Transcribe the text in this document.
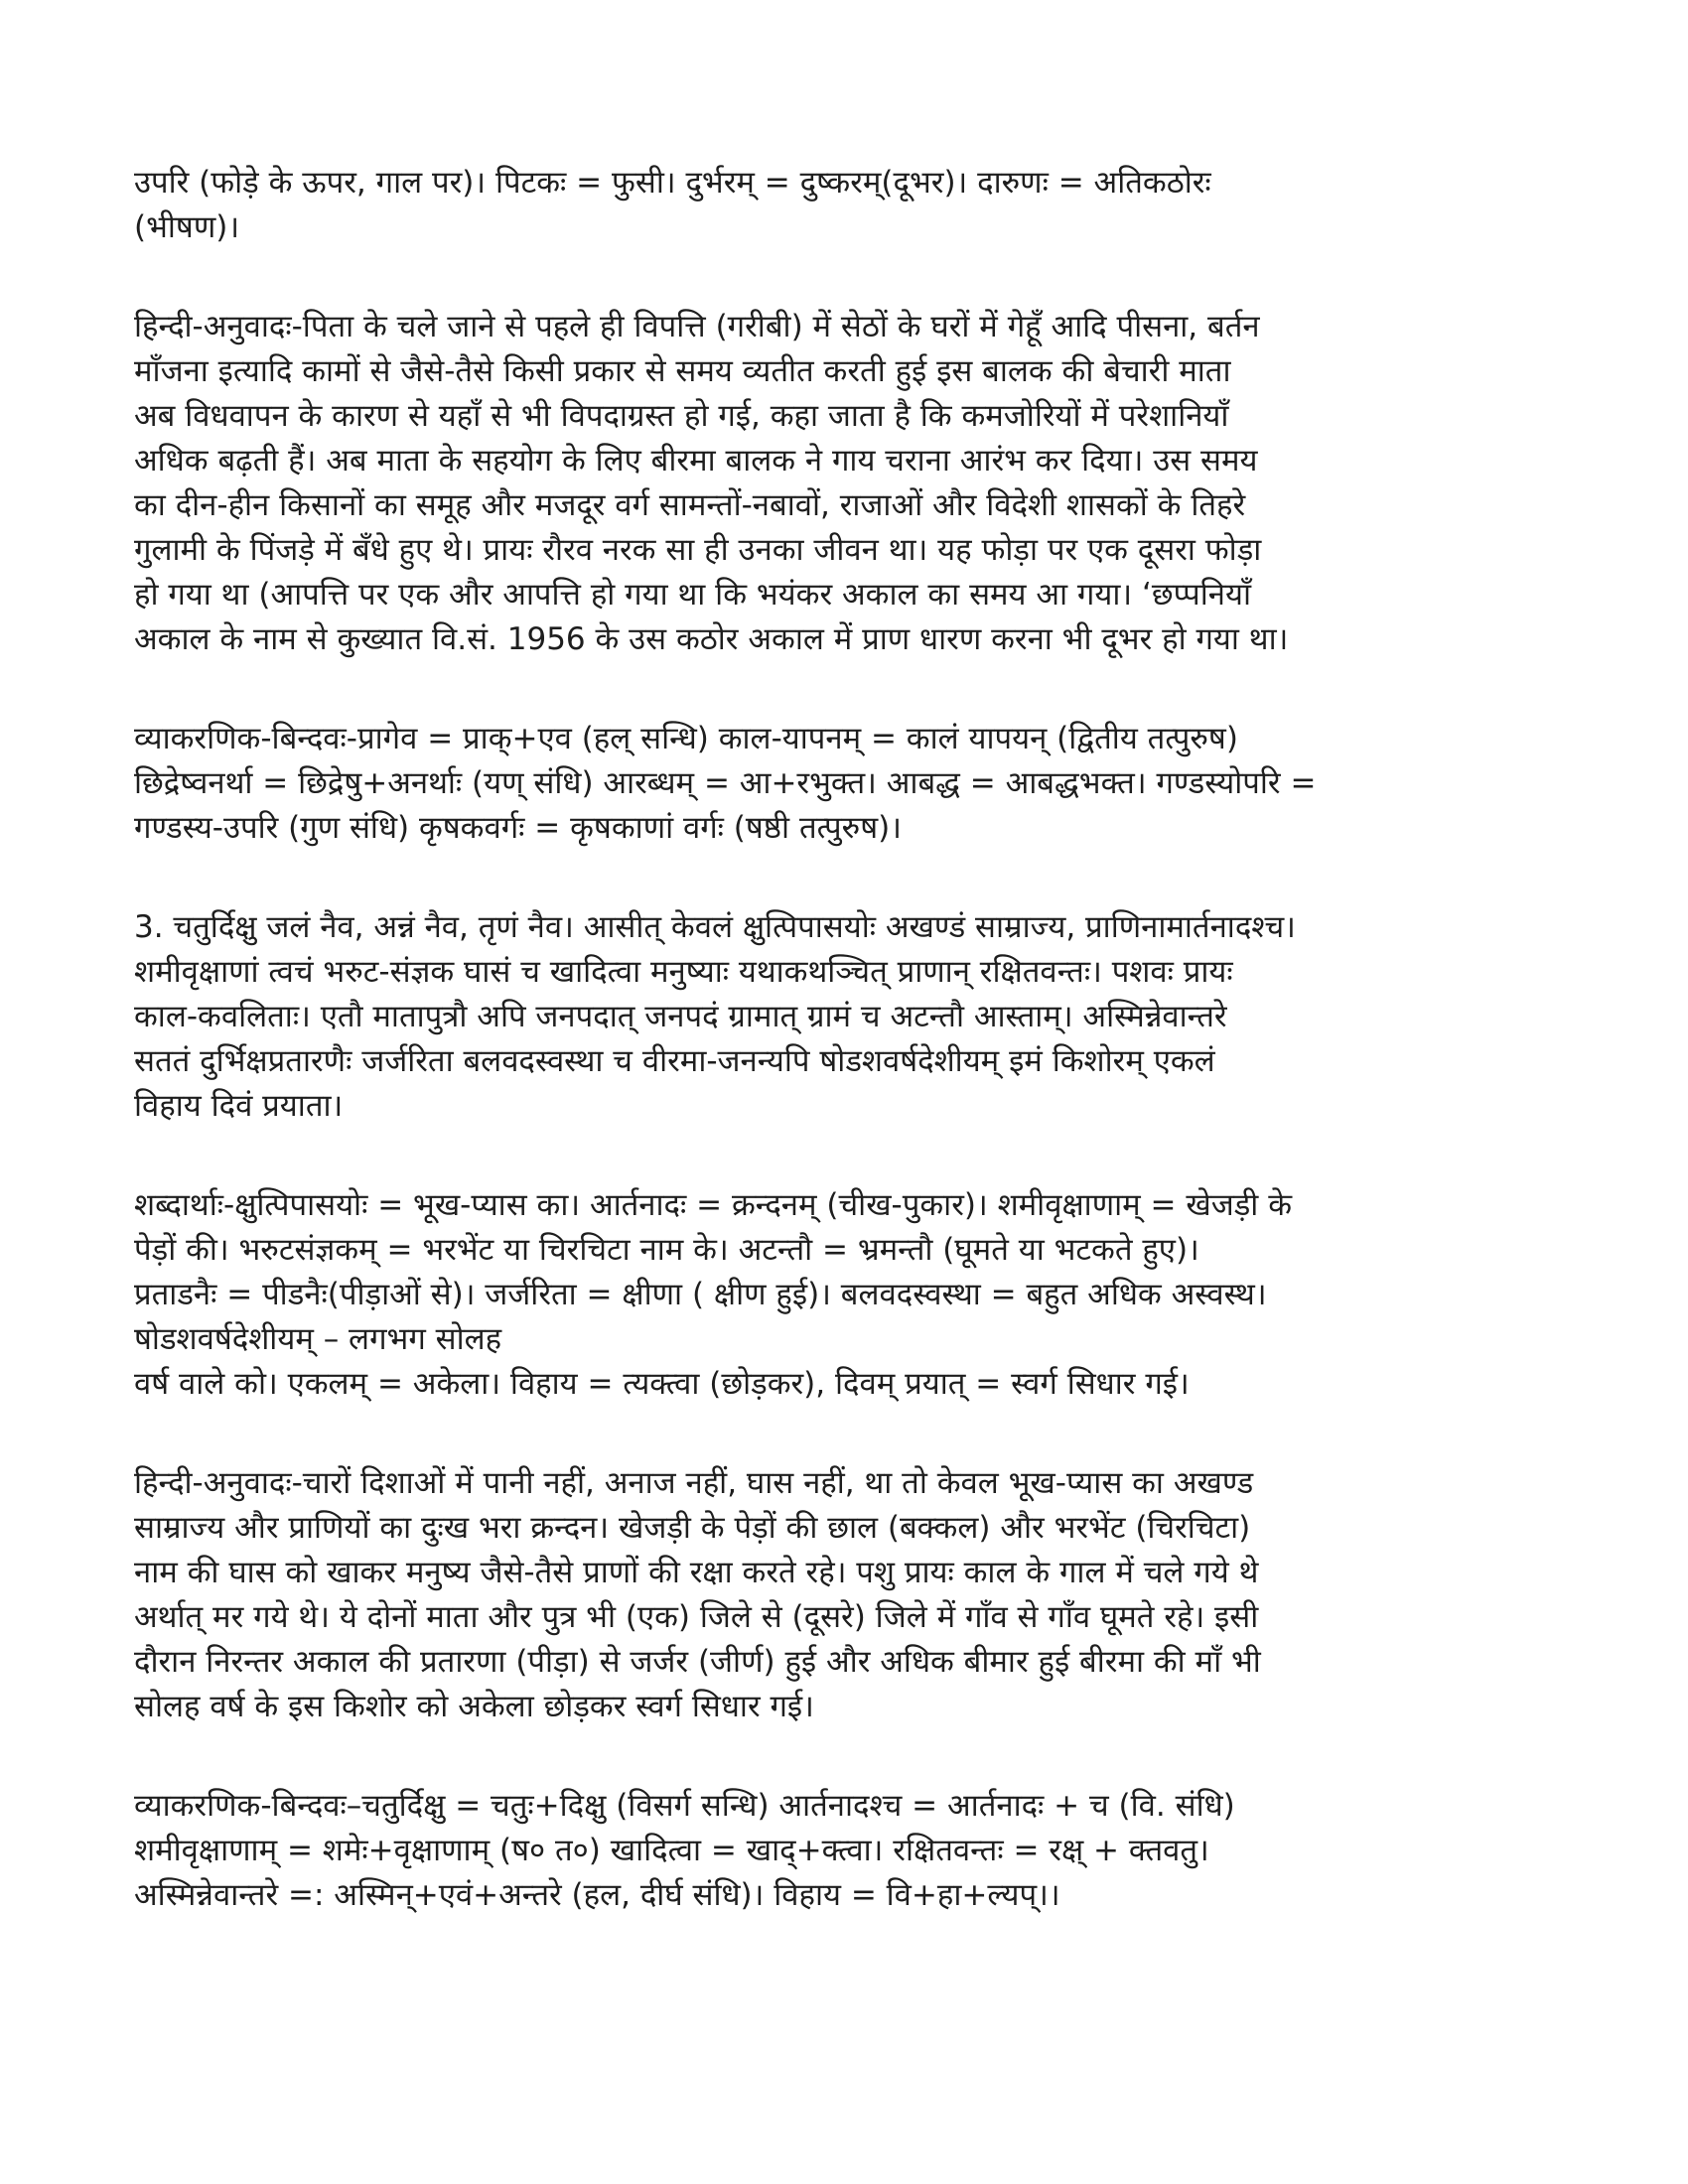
उपरि (फोड़े के ऊपर, गाल पर)। पिटकः = फुसी। दुर्भरम् = दुष्करम्(दूभर)। दारुणः = अतिकठोरः
(भीषण)।
हिन्दी-अनुवादः-पिता के चले जाने से पहले ही विपत्ति (गरीबी) में सेठों के घरों में गेहूँ आदि पीसना, बर्तन
माँजना इत्यादि कामों से जैसे-तैसे किसी प्रकार से समय व्यतीत करती हुई इस बालक की बेचारी माता
अब विधवापन के कारण से यहाँ से भी विपदाग्रस्त हो गई, कहा जाता है कि कमजोरियों में परेशानियाँ
अधिक बढ़ती हैं। अब माता के सहयोग के लिए बीरमा बालक ने गाय चराना आरंभ कर दिया। उस समय
का दीन-हीन किसानों का समूह और मजदूर वर्ग सामन्तों-नबावों, राजाओं और विदेशी शासकों के तिहरे
गुलामी के पिंजड़े में बँधे हुए थे। प्रायः रौरव नरक सा ही उनका जीवन था। यह फोड़ा पर एक दूसरा फोड़ा
हो गया था (आपत्ति पर एक और आपत्ति हो गया था कि भयंकर अकाल का समय आ गया। ‘छप्पनियाँ
अकाल के नाम से कुख्यात वि.सं. 1956 के उस कठोर अकाल में प्राण धारण करना भी दूभर हो गया था।
व्याकरणिक-बिन्दवः-प्रागेव = प्राक्+एव (हल् सन्धि) काल-यापनम् = कालं यापयन् (द्वितीय तत्पुरुष)
छिद्रेष्वनर्था = छिद्रेषु+अनर्थाः (यण् संधि) आरब्धम् = आ+रभुक्त। आबद्ध = आबद्धभक्त। गण्डस्योपरि =
गण्डस्य-उपरि (गुण संधि) कृषकवर्गः = कृषकाणां वर्गः (षष्ठी तत्पुरुष)।
3. चतुर्दिक्षु जलं नैव, अन्नं नैव, तृणं नैव। आसीत् केवलं क्षुत्पिपासयोः अखण्डं साम्राज्य, प्राणिनामार्तनादश्च।
शमीवृक्षाणां त्वचं भरुट-संज्ञक घासं च खादित्वा मनुष्याः यथाकथञ्चित् प्राणान् रक्षितवन्तः। पशवः प्रायः
काल-कवलिताः। एतौ मातापुत्रौ अपि जनपदात् जनपदं ग्रामात् ग्रामं च अटन्तौ आस्ताम्। अस्मिन्नेवान्तरे
सततं दुर्भिक्षप्रतारणैः जर्जरिता बलवदस्वस्था च वीरमा-जनन्यपि षोडशवर्षदेशीयम् इमं किशोरम् एकलं
विहाय दिवं प्रयाता।
शब्दार्थाः-क्षुत्पिपासयोः = भूख-प्यास का। आर्तनादः = क्रन्दनम् (चीख-पुकार)। शमीवृक्षाणाम् = खेजड़ी के
पेड़ों की। भरुटसंज्ञकम् = भरभेंट या चिरचिटा नाम के। अटन्तौ = भ्रमन्तौ (घूमते या भटकते हुए)।
प्रताडनैः = पीडनैः(पीड़ाओं से)। जर्जरिता = क्षीणा ( क्षीण हुई)। बलवदस्वस्था = बहुत अधिक अस्वस्थ।
षोडशवर्षदेशीयम् – लगभग सोलह
वर्ष वाले को। एकलम् = अकेला। विहाय = त्यक्त्वा (छोड़कर), दिवम् प्रयात् = स्वर्ग सिधार गई।
हिन्दी-अनुवादः-चारों दिशाओं में पानी नहीं, अनाज नहीं, घास नहीं, था तो केवल भूख-प्यास का अखण्ड
साम्राज्य और प्राणियों का दुःख भरा क्रन्दन। खेजड़ी के पेड़ों की छाल (बक्कल) और भरभेंट (चिरचिटा)
नाम की घास को खाकर मनुष्य जैसे-तैसे प्राणों की रक्षा करते रहे। पशु प्रायः काल के गाल में चले गये थे
अर्थात् मर गये थे। ये दोनों माता और पुत्र भी (एक) जिले से (दूसरे) जिले में गाँव से गाँव घूमते रहे। इसी
दौरान निरन्तर अकाल की प्रतारणा (पीड़ा) से जर्जर (जीर्ण) हुई और अधिक बीमार हुई बीरमा की माँ भी
सोलह वर्ष के इस किशोर को अकेला छोड़कर स्वर्ग सिधार गई।
व्याकरणिक-बिन्दवः–चतुर्दिक्षु = चतुः+दिक्षु (विसर्ग सन्धि) आर्तनादश्च = आर्तनादः + च (वि. संधि)
शमीवृक्षाणाम् = शमेः+वृक्षाणाम् (ष० त०) खादित्वा = खाद्+क्त्वा। रक्षितवन्तः = रक्ष् + क्तवतु।
अस्मिन्नेवान्तरे =: अस्मिन्+एवं+अन्तरे (हल, दीर्घ संधि)। विहाय = वि+हा+ल्यप्।।
